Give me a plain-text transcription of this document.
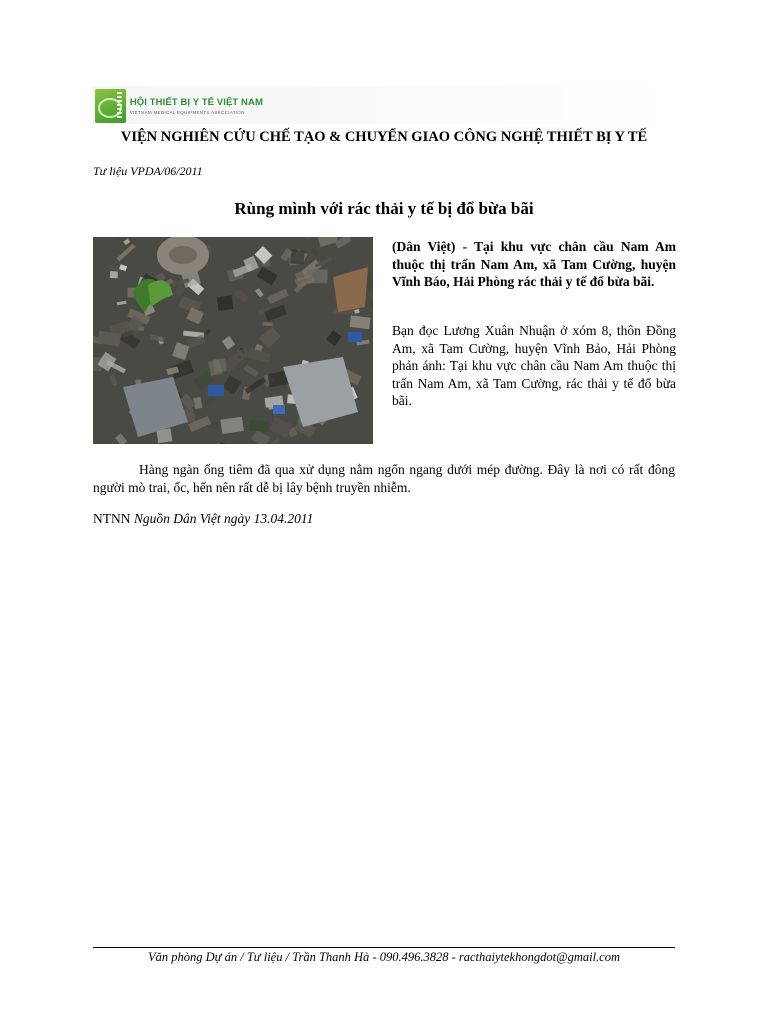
HỘI THIẾT BỊ Y TẾ VIỆT NAM
VIETNAM MEDICAL EQUIPMENTS ASSOCIATION
VIỆN NGHIÊN CỨU CHẾ TẠO & CHUYỂN GIAO CÔNG NGHỆ THIẾT BỊ Y TẾ
Tư liệu VPDA/06/2011
Rùng mình với rác thải y tế bị đổ bừa bãi
(Dân Việt) - Tại khu vực chân cầu Nam Am thuộc thị trấn Nam Am, xã Tam Cường, huyện Vĩnh Báo, Hải Phòng rác thải y tế đổ bừa bãi.
Bạn đọc Lương Xuân Nhuận ở xóm 8, thôn Đồng Am, xã Tam Cường, huyện Vĩnh Bảo, Hải Phòng phản ánh: Tại khu vực chân cầu Nam Am thuộc thị trấn Nam Am, xã Tam Cường, rác thải y tế đổ bừa bãi.
Hàng ngàn ống tiêm đã qua xử dụng nằm ngổn ngang dưới mép đường. Đây là nơi có rất đông người mò trai, ốc, hến nên rất dễ bị lây bệnh truyền nhiễm.
NTNN Nguồn Dân Việt ngày 13.04.2011
Văn phòng Dự án / Tư liệu / Trần Thanh Hà - 090.496.3828 - racthaiytekhongdot@gmail.com
